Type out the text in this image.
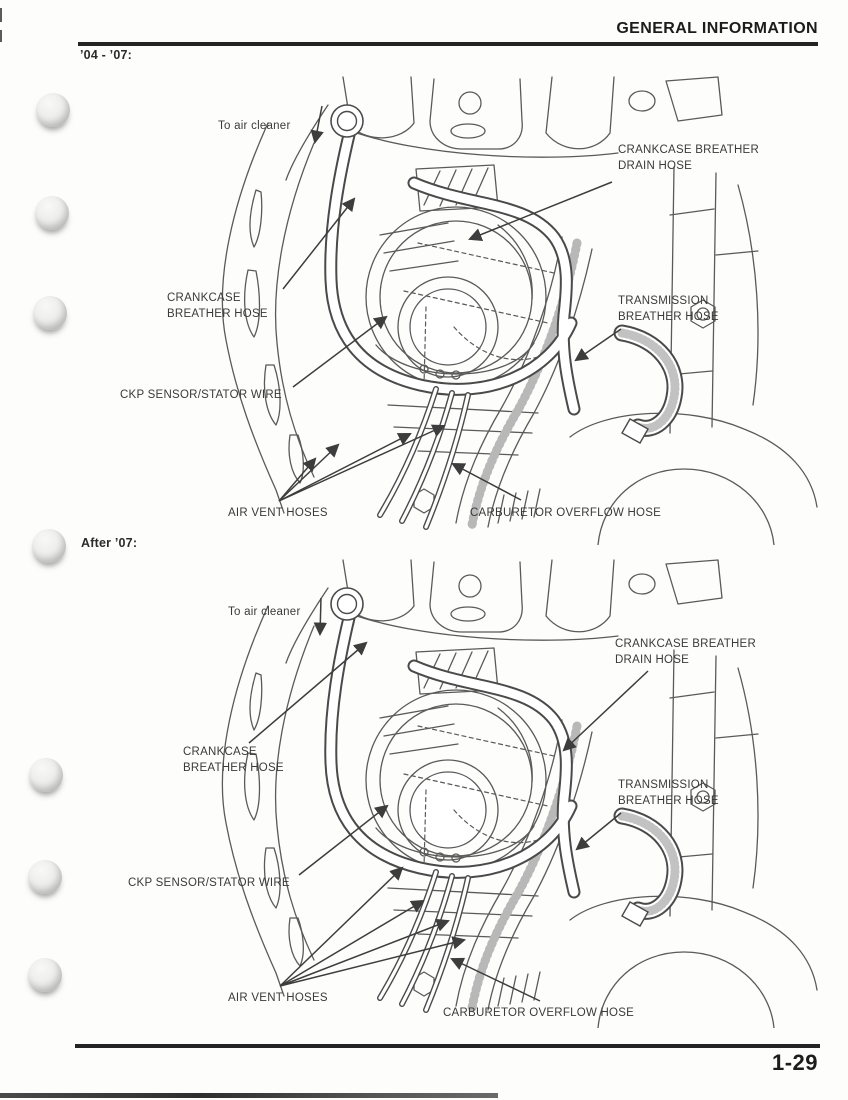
GENERAL INFORMATION
’04 - ’07:
After ’07:
To air cleaner
CRANKCASE BREATHER
DRAIN HOSE
CRANKCASE
BREATHER HOSE
TRANSMISSION
BREATHER HOSE
CKP SENSOR/STATOR WIRE
AIR VENT HOSES	CARBURETOR OVERFLOW HOSE
To air cleaner
CRANKCASE BREATHER
DRAIN HOSE
CRANKCASE
BREATHER HOSE
TRANSMISSION
BREATHER HOSE
CKP SENSOR/STATOR WIRE
AIR VENT HOSES
CARBURETOR OVERFLOW HOSE
1-29
